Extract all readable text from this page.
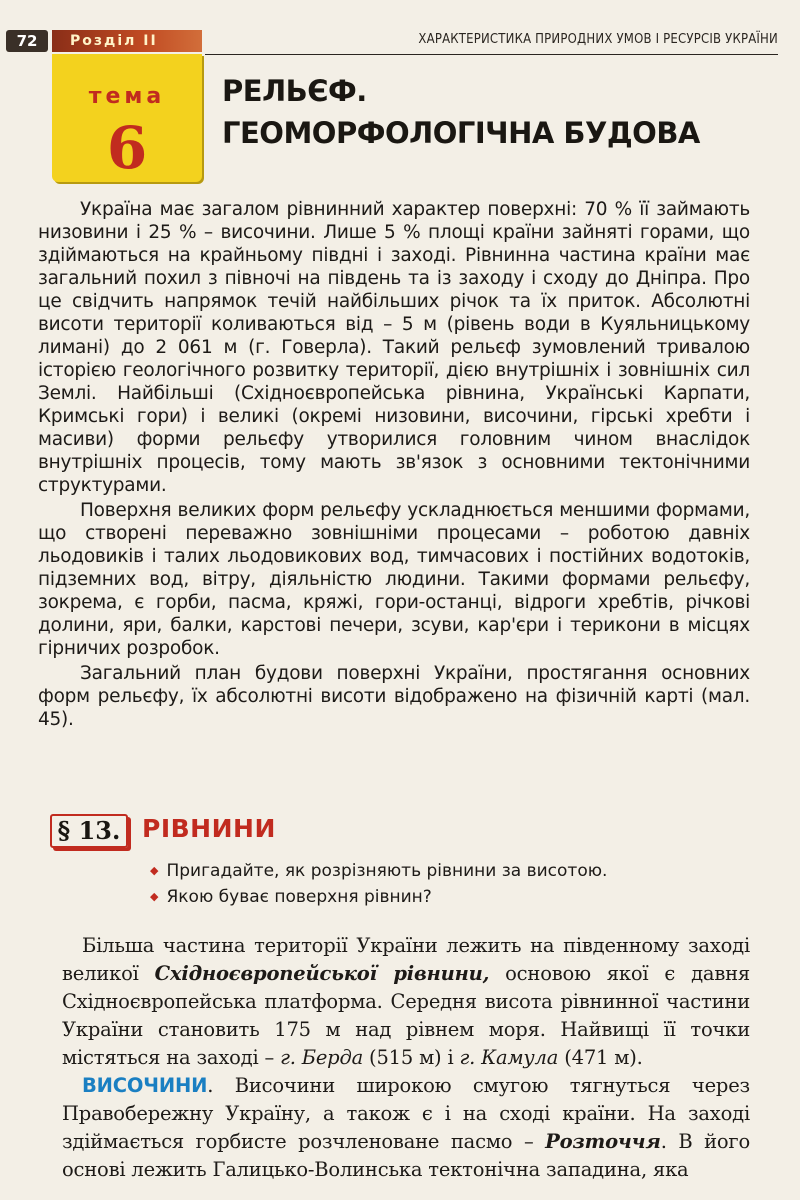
72	Розділ II	ХАРАКТЕРИСТИКА ПРИРОДНИХ УМОВ І РЕСУРСІВ УКРАЇНИ
тема
6
РЕЛЬЄФ.
ГЕОМОРФОЛОГІЧНА БУДОВА

Україна має загалом рівнинний характер поверхні: 70 % її займають низовини і 25 % – височини. Лише 5 % площі країни зайняті горами, що здіймаються на крайньому півдні і заході. Рівнинна частина країни має загальний похил з півночі на південь та із заходу і сходу до Дніпра. Про це свідчить напрямок течій найбільших річок та їх приток. Абсолютні висоти території коливаються від – 5 м (рівень води в Куяльницькому лимані) до 2 061 м (г. Говерла). Такий рельєф зумовлений тривалою історією геологічного розвитку території, дією внутрішніх і зовнішніх сил Землі. Найбільші (Східноєвропейська рівнина, Українські Карпати, Кримські гори) і великі (окремі низовини, височини, гірські хребти і масиви) форми рельєфу утворилися головним чином внаслідок внутрішніх процесів, тому мають зв'язок з основними тектонічними структурами.

Поверхня великих форм рельєфу ускладнюється меншими формами, що створені переважно зовнішніми процесами – роботою давніх льодовиків і талих льодовикових вод, тимчасових і постійних водотоків, підземних вод, вітру, діяльністю людини. Такими формами рельєфу, зокрема, є горби, пасма, кряжі, гори-останці, відроги хребтів, річкові долини, яри, балки, карстові печери, зсуви, кар'єри і терикони в місцях гірничих розробок.

Загальний план будови поверхні України, простягання основних форм рельєфу, їх абсолютні висоти відображено на фізичній карті (мал. 45).

§ 13. РІВНИНИ
◆ Пригадайте, як розрізняють рівнини за висотою.
◆ Якою буває поверхня рівнин?

Більша частина території України лежить на південному заході великої Східноєвропейської рівнини, основою якої є давня Східноєвропейська платформа. Середня висота рівнинної частини України становить 175 м над рівнем моря. Найвищі її точки містяться на заході – г. Берда (515 м) і г. Камула (471 м).

ВИСОЧИНИ. Височини широкою смугою тягнуться через Правобережну Україну, а також є і на сході країни. На заході здіймається горбисте розчленоване пасмо – Розточчя. В його основі лежить Галицько-Волинська тектонічна западина, яка
